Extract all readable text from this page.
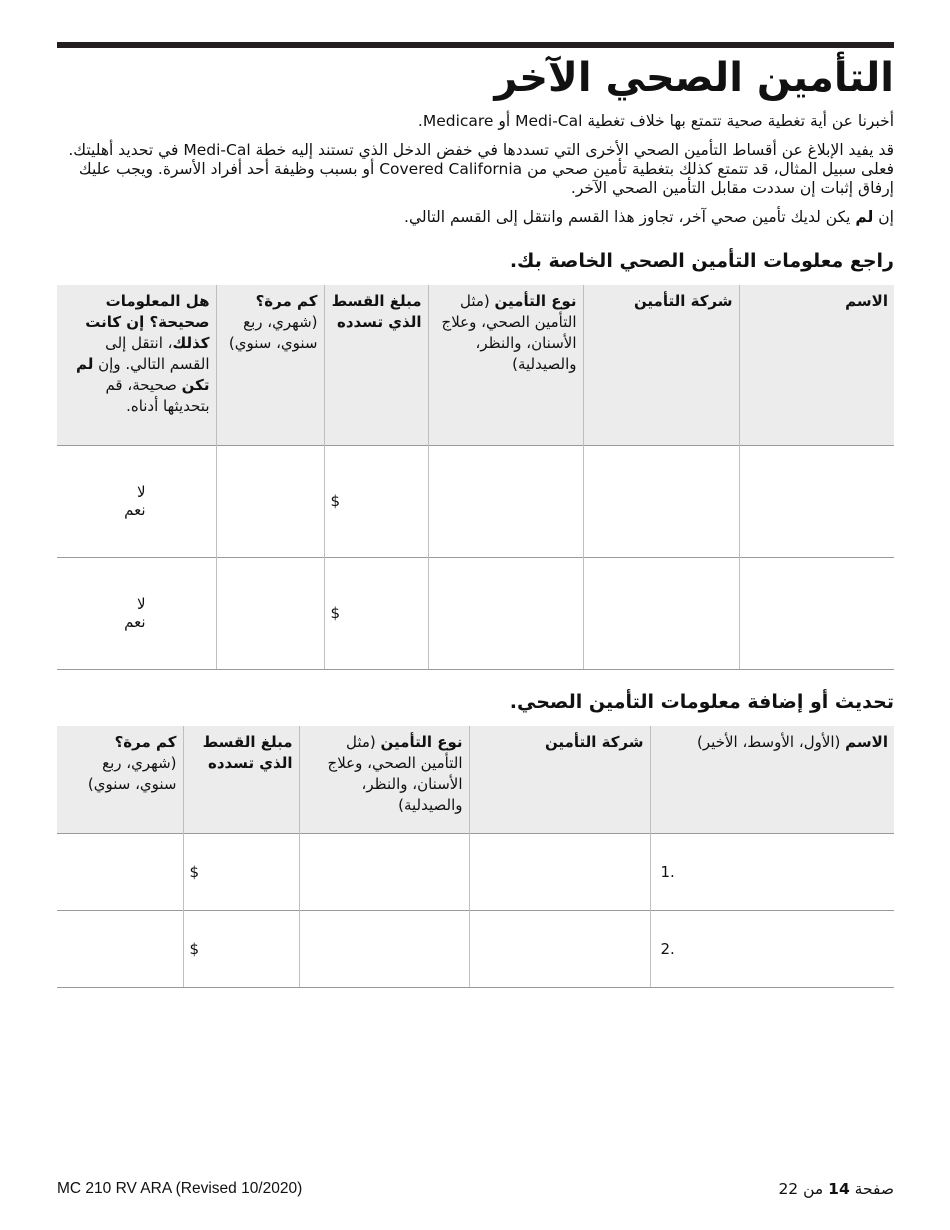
التأمين الصحي الآخر

أخبرنا عن أية تغطية صحية تتمتع بها خلاف تغطية Medi-Cal أو Medicare.

قد يفيد الإبلاغ عن أقساط التأمين الصحي الأخرى التي تسددها في خفض الدخل الذي تستند إليه خطة Medi-Cal في تحديد أهليتك. فعلى سبيل المثال، قد تتمتع كذلك بتغطية تأمين صحي من Covered California أو بسبب وظيفة أحد أفراد الأسرة. ويجب عليك إرفاق إثبات إن سددت مقابل التأمين الصحي الآخر.

إن لم يكن لديك تأمين صحي آخر، تجاوز هذا القسم وانتقل إلى القسم التالي.

راجع معلومات التأمين الصحي الخاصة بك.
الاسم	شركة التأمين	نوع التأمين (مثل التأمين الصحي، وعلاج الأسنان، والنظر، والصيدلية)	مبلغ القسط الذي تسدده	كم مرة؟ (شهري، ربع سنوي، سنوي)	هل المعلومات صحيحة؟ إن كانت كذلك، انتقل إلى القسم التالي. وإن لم تكن صحيحة، قم بتحديثها أدناه.
			$		لانعم
			$		لانعم
تحديث أو إضافة معلومات التأمين الصحي.
الاسم (الأول، الأوسط، الأخير)	شركة التأمين	نوع التأمين (مثل التأمين الصحي، وعلاج الأسنان، والنظر، والصيدلية)	مبلغ القسط الذي تسدده	كم مرة؟ (شهري، ربع سنوي، سنوي)
1.			$	
2.			$	
MC 210 RV ARA (Revised 10/2020)	صفحة 14 من 22
